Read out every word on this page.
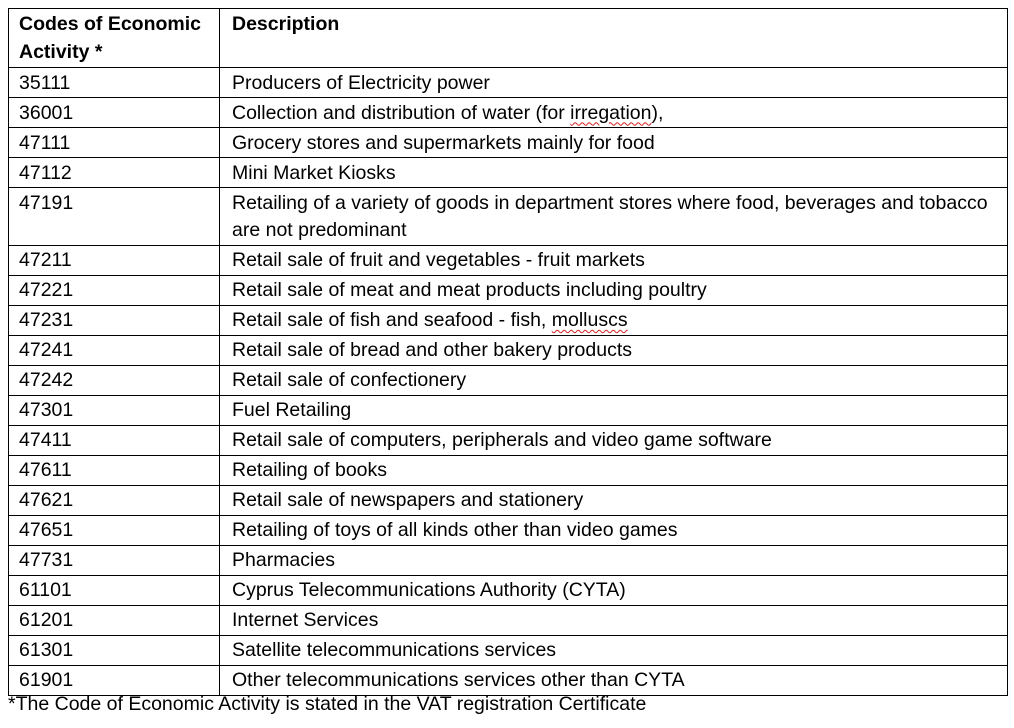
Codes of Economic Activity *	Description
35111	Producers of Electricity power
36001	Collection and distribution of water (for irregation),
47111	Grocery stores and supermarkets mainly for food
47112	Mini Market Kiosks
47191	Retailing of a variety of goods in department stores where food, beverages and tobacco are not predominant
47211	Retail sale of fruit and vegetables - fruit markets
47221	Retail sale of meat and meat products including poultry
47231	Retail sale of fish and seafood - fish, molluscs
47241	Retail sale of bread and other bakery products
47242	Retail sale of confectionery
47301	Fuel Retailing
47411	Retail sale of computers, peripherals and video game software
47611	Retailing of books
47621	Retail sale of newspapers and stationery
47651	Retailing of toys of all kinds other than video games
47731	Pharmacies
61101	Cyprus Telecommunications Authority (CYTA)
61201	Internet Services
61301	Satellite telecommunications services
61901	Other telecommunications services other than CYTA
*The Code of Economic Activity is stated in the VAT registration Certificate
